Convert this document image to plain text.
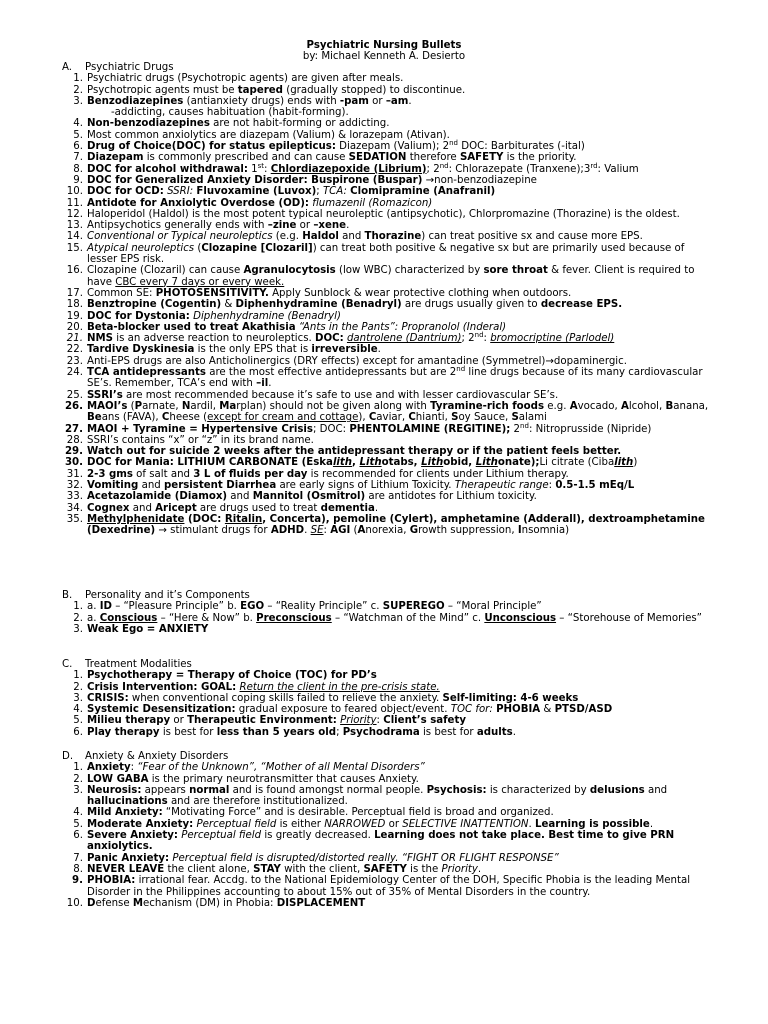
Psychiatric Nursing Bullets
by: Michael Kenneth A. Desierto
A.	Psychiatric Drugs
1. Psychiatric drugs (Psychotropic agents) are given after meals.
2. Psychotropic agents must be tapered (gradually stopped) to discontinue.
3. Benzodiazepines (antianxiety drugs) ends with -pam or –am.
-addicting, causes habituation (habit-forming).
4. Non-benzodiazepines are not habit-forming or addicting.
5. Most common anxiolytics are diazepam (Valium) & lorazepam (Ativan).
6. Drug of Choice(DOC) for status epilepticus: Diazepam (Valium); 2nd DOC: Barbiturates (-ital)
7. Diazepam is commonly prescribed and can cause SEDATION therefore SAFETY is the priority.
8. DOC for alcohol withdrawal: 1st: Chlordiazepoxide (Librium); 2nd: Chlorazepate (Tranxene);3rd: Valium
9. DOC for Generalized Anxiety Disorder: Buspirone (Buspar) →non-benzodiazepine
10. DOC for OCD: SSRI: Fluvoxamine (Luvox); TCA: Clomipramine (Anafranil)
11. Antidote for Anxiolytic Overdose (OD): flumazenil (Romazicon)
12. Haloperidol (Haldol) is the most potent typical neuroleptic (antipsychotic), Chlorpromazine (Thorazine) is the oldest.
13. Antipsychotics generally ends with –zine or –xene.
14. Conventional or Typical neuroleptics (e.g. Haldol and Thorazine) can treat positive sx and cause more EPS.
15. Atypical neuroleptics (Clozapine [Clozaril]) can treat both positive & negative sx but are primarily used because of lesser EPS risk.
16. Clozapine (Clozaril) can cause Agranulocytosis (low WBC) characterized by sore throat & fever. Client is required to have CBC every 7 days or every week.
17. Common SE: PHOTOSENSITIVITY. Apply Sunblock & wear protective clothing when outdoors.
18. Benztropine (Cogentin) & Diphenhydramine (Benadryl) are drugs usually given to decrease EPS.
19. DOC for Dystonia: Diphenhydramine (Benadryl)
20. Beta-blocker used to treat Akathisia “Ants in the Pants”: Propranolol (Inderal)
21. NMS is an adverse reaction to neuroleptics. DOC: dantrolene (Dantrium); 2nd: bromocriptine (Parlodel)
22. Tardive Dyskinesia is the only EPS that is irreversible.
23. Anti-EPS drugs are also Anticholinergics (DRY effects) except for amantadine (Symmetrel)→dopaminergic.
24. TCA antidepressants are the most effective antidepressants but are 2nd line drugs because of its many cardiovascular SE’s. Remember, TCA’s end with –il.
25. SSRI’s are most recommended because it’s safe to use and with lesser cardiovascular SE’s.
26. MAOI’s (Parnate, Nardil, Marplan) should not be given along with Tyramine-rich foods e.g. Avocado, Alcohol, Banana, Beans (FAVA), Cheese (except for cream and cottage), Caviar, Chianti, Soy Sauce, Salami
27. MAOI + Tyramine = Hypertensive Crisis; DOC: PHENTOLAMINE (REGITINE); 2nd: Nitroprusside (Nipride)
28. SSRI’s contains “x” or “z” in its brand name.
29. Watch out for suicide 2 weeks after the antidepressant therapy or if the patient feels better.
30. DOC for Mania: LITHIUM CARBONATE (Eskalith, Lithotabs, Lithobid, Lithonate);Li citrate (Cibalith)
31. 2-3 gms of salt and 3 L of fluids per day is recommended for clients under Lithium therapy.
32. Vomiting and persistent Diarrhea are early signs of Lithium Toxicity. Therapeutic range: 0.5-1.5 mEq/L
33. Acetazolamide (Diamox) and Mannitol (Osmitrol) are antidotes for Lithium toxicity.
34. Cognex and Aricept are drugs used to treat dementia.
35. Methylphenidate (DOC: Ritalin, Concerta), pemoline (Cylert), amphetamine (Adderall), dextroamphetamine (Dexedrine) → stimulant drugs for ADHD. SE: AGI (Anorexia, Growth suppression, Insomnia)
B.	Personality and it’s Components
1. a. ID – “Pleasure Principle” b. EGO – “Reality Principle” c. SUPEREGO – “Moral Principle”
2. a. Conscious – “Here & Now” b. Preconscious – “Watchman of the Mind” c. Unconscious – “Storehouse of Memories”
3. Weak Ego = ANXIETY
C.	Treatment Modalities
1. Psychotherapy = Therapy of Choice (TOC) for PD’s
2. Crisis Intervention: GOAL: Return the client in the pre-crisis state.
3. CRISIS: when conventional coping skills failed to relieve the anxiety. Self-limiting: 4-6 weeks
4. Systemic Desensitization: gradual exposure to feared object/event. TOC for: PHOBIA & PTSD/ASD
5. Milieu therapy or Therapeutic Environment: Priority: Client’s safety
6. Play therapy is best for less than 5 years old; Psychodrama is best for adults.
D.	Anxiety & Anxiety Disorders
1. Anxiety: “Fear of the Unknown”, “Mother of all Mental Disorders”
2. LOW GABA is the primary neurotransmitter that causes Anxiety.
3. Neurosis: appears normal and is found amongst normal people. Psychosis: is characterized by delusions and hallucinations and are therefore institutionalized.
4. Mild Anxiety: “Motivating Force” and is desirable. Perceptual field is broad and organized.
5. Moderate Anxiety: Perceptual field is either NARROWED or SELECTIVE INATTENTION. Learning is possible.
6. Severe Anxiety: Perceptual field is greatly decreased. Learning does not take place. Best time to give PRN anxiolytics.
7. Panic Anxiety: Perceptual field is disrupted/distorted really. “FIGHT OR FLIGHT RESPONSE”
8. NEVER LEAVE the client alone, STAY with the client, SAFETY is the Priority.
9. PHOBIA: irrational fear. Accdg. to the National Epidemiology Center of the DOH, Specific Phobia is the leading Mental Disorder in the Philippines accounting to about 15% out of 35% of Mental Disorders in the country.
10. Defense Mechanism (DM) in Phobia: DISPLACEMENT
